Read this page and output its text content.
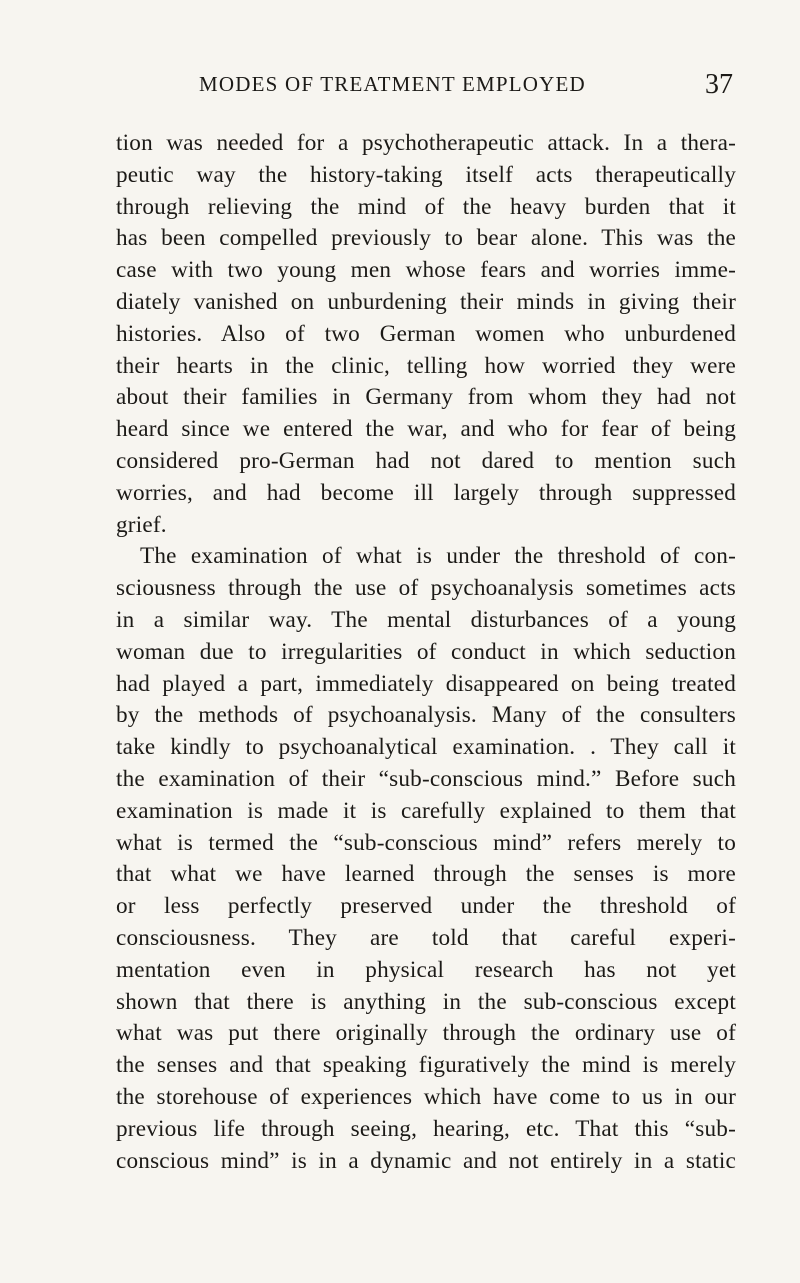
MODES OF TREATMENT EMPLOYED	37
tion was needed for a psychotherapeutic attack. In a thera-
peutic way the history-taking itself acts therapeutically
through relieving the mind of the heavy burden that it
has been compelled previously to bear alone. This was the
case with two young men whose fears and worries imme-
diately vanished on unburdening their minds in giving their
histories. Also of two German women who unburdened
their hearts in the clinic, telling how worried they were
about their families in Germany from whom they had not
heard since we entered the war, and who for fear of being
considered pro-German had not dared to mention such
worries, and had become ill largely through suppressed
grief.
The examination of what is under the threshold of con-
sciousness through the use of psychoanalysis sometimes acts
in a similar way. The mental disturbances of a young
woman due to irregularities of conduct in which seduction
had played a part, immediately disappeared on being treated
by the methods of psychoanalysis. Many of the consulters
take kindly to psychoanalytical examination. . They call it
the examination of their “sub-conscious mind.” Before such
examination is made it is carefully explained to them that
what is termed the “sub-conscious mind” refers merely to
that what we have learned through the senses is more
or less perfectly preserved under the threshold of
consciousness. They are told that careful experi-
mentation even in physical research has not yet
shown that there is anything in the sub-conscious except
what was put there originally through the ordinary use of
the senses and that speaking figuratively the mind is merely
the storehouse of experiences which have come to us in our
previous life through seeing, hearing, etc. That this “sub-
conscious mind” is in a dynamic and not entirely in a static
